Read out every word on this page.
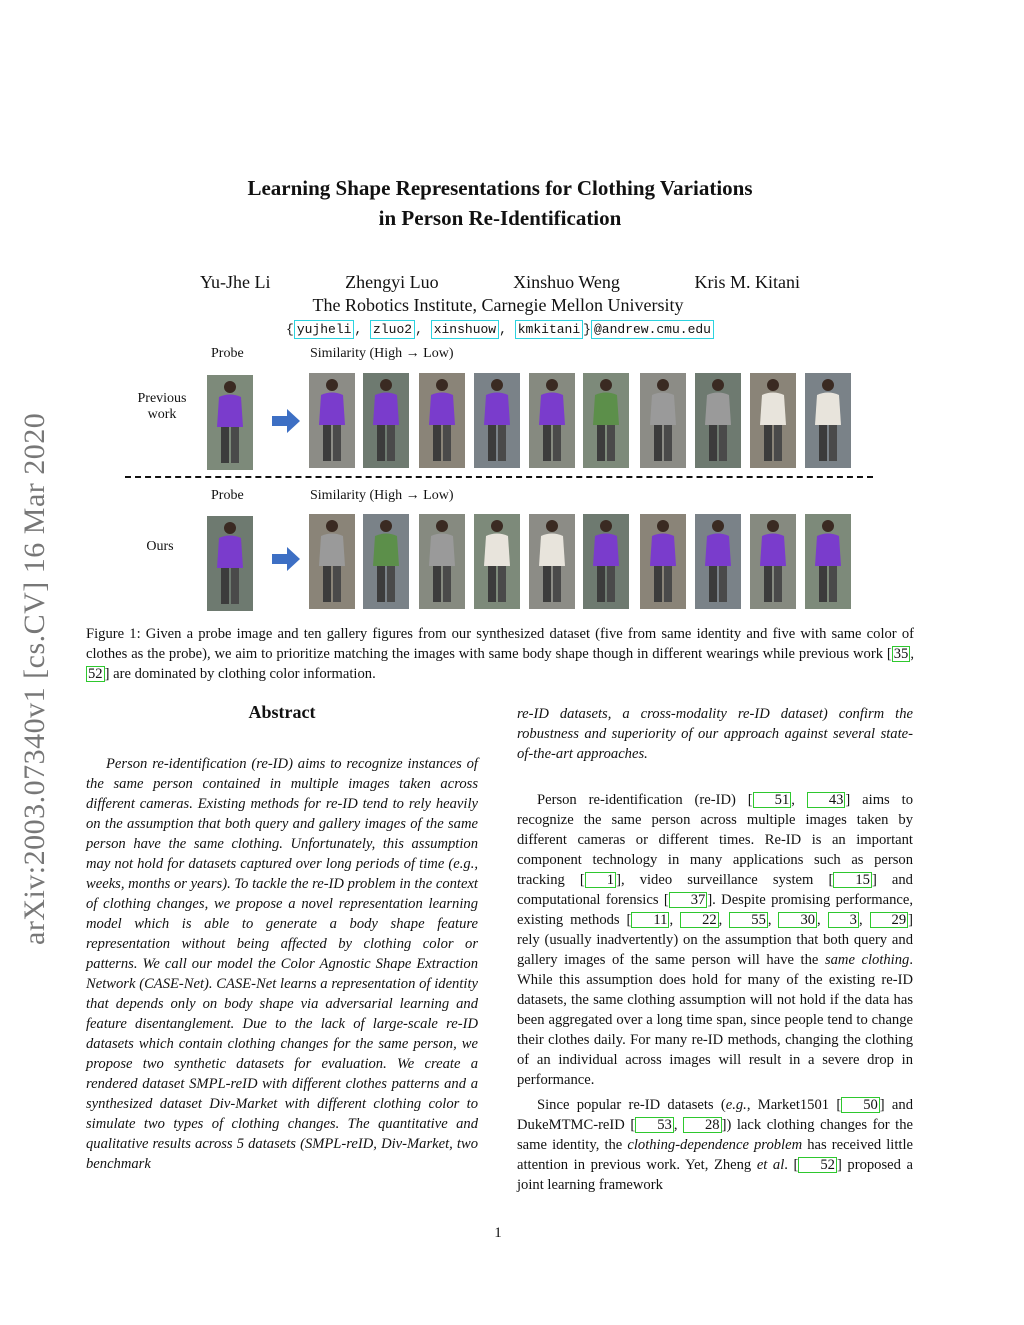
arXiv:2003.07340v1 [cs.CV] 16 Mar 2020
Learning Shape Representations for Clothing Variations
in Person Re-Identification
Yu-Jhe Li	Zhengyi Luo	Xinshuo Weng	Kris M. Kitani
The Robotics Institute, Carnegie Mellon University
{ yujheli , zluo2 , xinshuow , kmkitani } @andrew.cmu.edu
Probe	Similarity (High → Low)
Previous
work
Probe	Similarity (High → Low)
Ours
Figure 1: Given a probe image and ten gallery figures from our synthesized dataset (five from same identity and five with same color of clothes as the probe), we aim to prioritize matching the images with same body shape though in different wearings while previous work [ 35 , 52 ] are dominated by clothing color information.
Abstract
Person re-identification (re-ID) aims to recognize instances of the same person contained in multiple images taken across different cameras. Existing methods for re-ID tend to rely heavily on the assumption that both query and gallery images of the same person have the same clothing. Unfortunately, this assumption may not hold for datasets captured over long periods of time (e.g., weeks, months or years). To tackle the re-ID problem in the context of clothing changes, we propose a novel representation learning model which is able to generate a body shape feature representation without being affected by clothing color or patterns. We call our model the Color Agnostic Shape Extraction Network (CASE-Net). CASE-Net learns a representation of identity that depends only on body shape via adversarial learning and feature disentanglement. Due to the lack of large-scale re-ID datasets which contain clothing changes for the same person, we propose two synthetic datasets for evaluation. We create a rendered dataset SMPL-reID with different clothes patterns and a synthesized dataset Div-Market with different clothing color to simulate two types of clothing changes. The quantitative and qualitative results across 5 datasets (SMPL-reID, Div-Market, two benchmark
re-ID datasets, a cross-modality re-ID dataset) confirm the robustness and superiority of our approach against several state-of-the-art approaches.
Person re-identification (re-ID) [ 51 , 43 ] aims to recognize the same person across multiple images taken by different cameras or different times. Re-ID is an important component technology in many applications such as person tracking [ 1 ], video surveillance system [ 15 ] and computational forensics [ 37 ]. Despite promising performance, existing methods [ 11 , 22 , 55 , 30 , 3 , 29 ] rely (usually inadvertently) on the assumption that both query and gallery images of the same person will have the same clothing. While this assumption does hold for many of the existing re-ID datasets, the same clothing assumption will not hold if the data has been aggregated over a long time span, since people tend to change their clothes daily. For many re-ID methods, changing the clothing of an individual across images will result in a severe drop in performance.
Since popular re-ID datasets (e.g., Market1501 [ 50 ] and DukeMTMC-reID [ 53 , 28 ]) lack clothing changes for the same identity, the clothing-dependence problem has received little attention in previous work. Yet, Zheng et al. [ 52 ] proposed a joint learning framework
1
